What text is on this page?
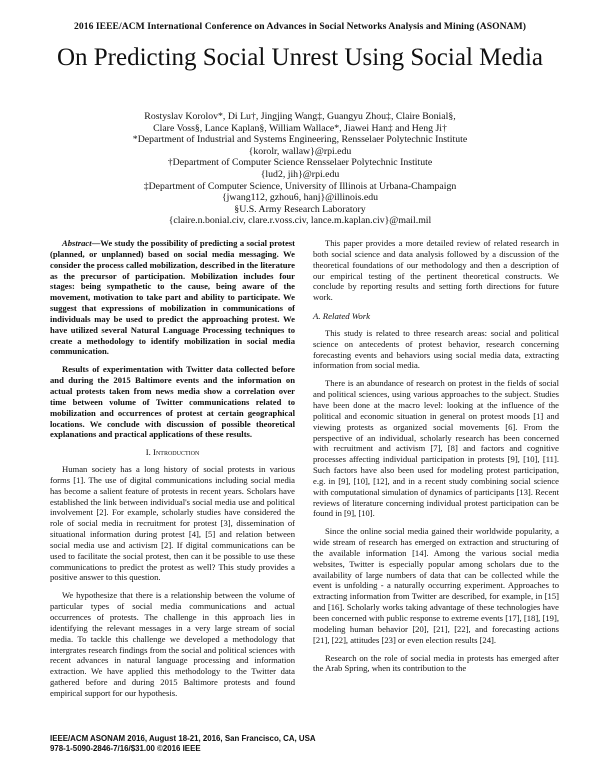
2016 IEEE/ACM International Conference on Advances in Social Networks Analysis and Mining (ASONAM)
On Predicting Social Unrest Using Social Media
Rostyslav Korolov*, Di Lu†, Jingjing Wang‡, Guangyu Zhou‡, Claire Bonial§,
Clare Voss§, Lance Kaplan§, William Wallace*, Jiawei Han‡ and Heng Ji†
*Department of Industrial and Systems Engineering, Rensselaer Polytechnic Institute
{korolr, wallaw}@rpi.edu
†Department of Computer Science Rensselaer Polytechnic Institute
{lud2, jih}@rpi.edu
‡Department of Computer Science, University of Illinois at Urbana-Champaign
{jwang112, gzhou6, hanj}@illinois.edu
§U.S. Army Research Laboratory
{claire.n.bonial.civ, clare.r.voss.civ, lance.m.kaplan.civ}@mail.mil

Abstract—We study the possibility of predicting a social protest (planned, or unplanned) based on social media messaging. We consider the process called mobilization, described in the literature as the precursor of participation. Mobilization includes four stages: being sympathetic to the cause, being aware of the movement, motivation to take part and ability to participate. We suggest that expressions of mobilization in communications of individuals may be used to predict the approaching protest. We have utilized several Natural Language Processing techniques to create a methodology to identify mobilization in social media communication.

Results of experimentation with Twitter data collected before and during the 2015 Baltimore events and the information on actual protests taken from news media show a correlation over time between volume of Twitter communications related to mobilization and occurrences of protest at certain geographical locations. We conclude with discussion of possible theoretical explanations and practical applications of these results.

I. Introduction

Human society has a long history of social protests in various forms [1]. The use of digital communications including social media has become a salient feature of protests in recent years. Scholars have established the link between individual's social media use and political involvement [2]. For example, scholarly studies have considered the role of social media in recruitment for protest [3], dissemination of situational information during protest [4], [5] and relation between social media use and activism [2]. If digital communications can be used to facilitate the social protest, then can it be possible to use these communications to predict the protest as well? This study provides a positive answer to this question.

We hypothesize that there is a relationship between the volume of particular types of social media communications and actual occurrences of protests. The challenge in this approach lies in identifying the relevant messages in a very large stream of social media. To tackle this challenge we developed a methodology that intergrates research findings from the social and political sciences with recent advances in natural language processing and information extraction. We have applied this methodology to the Twitter data gathered before and during 2015 Baltimore protests and found empirical support for our hypothesis.

This paper provides a more detailed review of related research in both social science and data analysis followed by a discussion of the theoretical foundations of our methodology and then a description of our empirical testing of the pertinent theoretical constructs. We conclude by reporting results and setting forth directions for future work.

A. Related Work

This study is related to three research areas: social and political science on antecedents of protest behavior, research concerning forecasting events and behaviors using social media data, extracting information from social media.

There is an abundance of research on protest in the fields of social and political sciences, using various approaches to the subject. Studies have been done at the macro level: looking at the influence of the political and economic situation in general on protest moods [1] and viewing protests as organized social movements [6]. From the perspective of an individual, scholarly research has been concerned with recruitment and activism [7], [8] and factors and cognitive processes affecting individual participation in protests [9], [10], [11]. Such factors have also been used for modeling protest participation, e.g. in [9], [10], [12], and in a recent study combining social science with computational simulation of dynamics of participants [13]. Recent reviews of literature concerning individual protest participation can be found in [9], [10].

Since the online social media gained their worldwide popularity, a wide stream of research has emerged on extraction and structuring of the available information [14]. Among the various social media websites, Twitter is especially popular among scholars due to the availability of large numbers of data that can be collected while the event is unfolding - a naturally occurring experiment. Approaches to extracting information from Twitter are described, for example, in [15] and [16]. Scholarly works taking advantage of these technologies have been concerned with public response to extreme events [17], [18], [19], modeling human behavior [20], [21], [22], and forecasting actions [21], [22], attitudes [23] or even election results [24].

Research on the role of social media in protests has emerged after the Arab Spring, when its contribution to the

IEEE/ACM ASONAM 2016, August 18-21, 2016, San Francisco, CA, USA
978-1-5090-2846-7/16/$31.00 ©2016 IEEE
